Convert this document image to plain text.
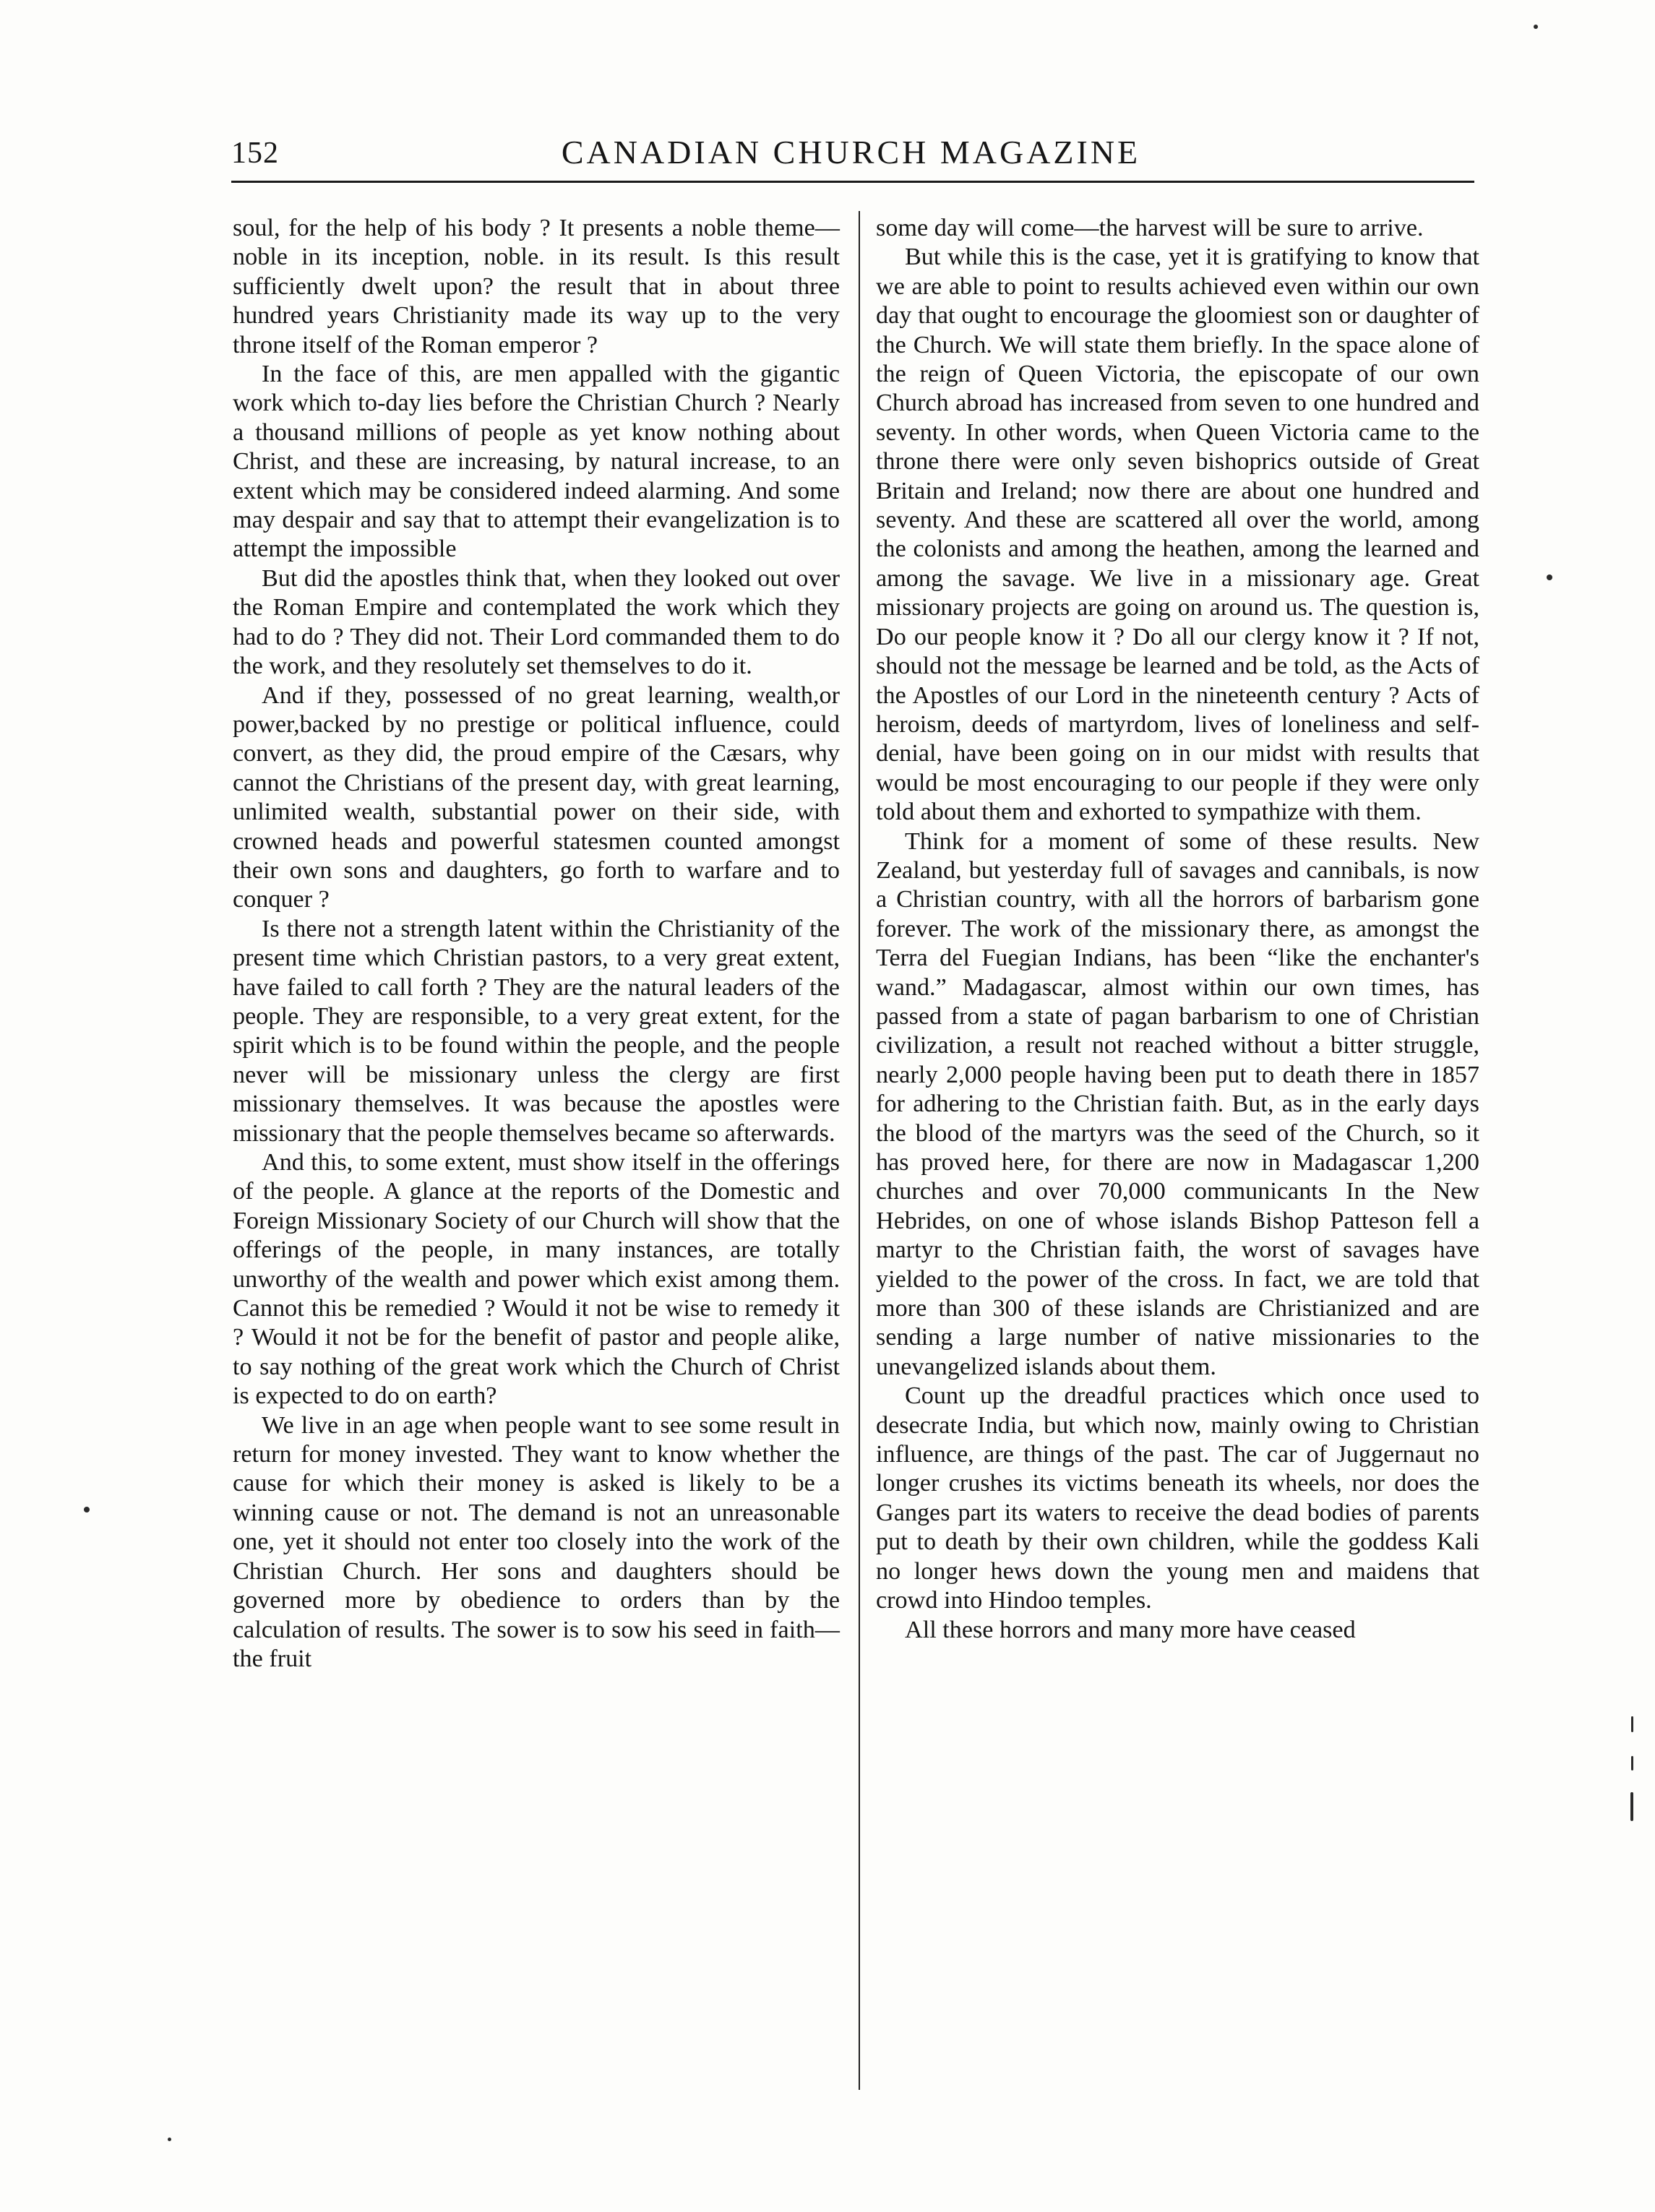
152	CANADIAN CHURCH MAGAZINE

soul, for the help of his body ? It presents a noble theme—noble in its inception, noble. in its result. Is this result sufficiently dwelt upon? the result that in about three hundred years Christianity made its way up to the very throne itself of the Roman emperor ?

In the face of this, are men appalled with the gigantic work which to-day lies before the Christian Church ? Nearly a thousand millions of people as yet know nothing about Christ, and these are increasing, by natural increase, to an extent which may be considered indeed alarming. And some may despair and say that to attempt their evangelization is to attempt the impossible

But did the apostles think that, when they looked out over the Roman Empire and contemplated the work which they had to do ? They did not. Their Lord commanded them to do the work, and they resolutely set themselves to do it.

And if they, possessed of no great learning, wealth,or power,backed by no prestige or political influence, could convert, as they did, the proud empire of the Cæsars, why cannot the Christians of the present day, with great learning, unlimited wealth, substantial power on their side, with crowned heads and powerful statesmen counted amongst their own sons and daughters, go forth to warfare and to conquer ?

Is there not a strength latent within the Christianity of the present time which Christian pastors, to a very great extent, have failed to call forth ? They are the natural leaders of the people. They are responsible, to a very great extent, for the spirit which is to be found within the people, and the people never will be missionary unless the clergy are first missionary themselves. It was because the apostles were missionary that the people themselves became so afterwards.

And this, to some extent, must show itself in the offerings of the people. A glance at the reports of the Domestic and Foreign Missionary Society of our Church will show that the offerings of the people, in many instances, are totally unworthy of the wealth and power which exist among them. Cannot this be remedied ? Would it not be wise to remedy it ? Would it not be for the benefit of pastor and people alike, to say nothing of the great work which the Church of Christ is expected to do on earth?

We live in an age when people want to see some result in return for money invested. They want to know whether the cause for which their money is asked is likely to be a winning cause or not. The demand is not an unreasonable one, yet it should not enter too closely into the work of the Christian Church. Her sons and daughters should be governed more by obedience to orders than by the calculation of results. The sower is to sow his seed in faith—the fruit

some day will come—the harvest will be sure to arrive.

But while this is the case, yet it is gratifying to know that we are able to point to results achieved even within our own day that ought to encourage the gloomiest son or daughter of the Church. We will state them briefly. In the space alone of the reign of Queen Victoria, the episcopate of our own Church abroad has increased from seven to one hundred and seventy. In other words, when Queen Victoria came to the throne there were only seven bishoprics outside of Great Britain and Ireland; now there are about one hundred and seventy. And these are scattered all over the world, among the colonists and among the heathen, among the learned and among the savage. We live in a missionary age. Great missionary projects are going on around us. The question is, Do our people know it ? Do all our clergy know it ? If not, should not the message be learned and be told, as the Acts of the Apostles of our Lord in the nineteenth century ? Acts of heroism, deeds of martyrdom, lives of loneliness and self-denial, have been going on in our midst with results that would be most encouraging to our people if they were only told about them and exhorted to sympathize with them.

Think for a moment of some of these results. New Zealand, but yesterday full of savages and cannibals, is now a Christian country, with all the horrors of barbarism gone forever. The work of the missionary there, as amongst the Terra del Fuegian Indians, has been “like the enchanter's wand.” Madagascar, almost within our own times, has passed from a state of pagan barbarism to one of Christian civilization, a result not reached without a bitter struggle, nearly 2,000 people having been put to death there in 1857 for adhering to the Christian faith. But, as in the early days the blood of the martyrs was the seed of the Church, so it has proved here, for there are now in Madagascar 1,200 churches and over 70,000 communicants In the New Hebrides, on one of whose islands Bishop Patteson fell a martyr to the Christian faith, the worst of savages have yielded to the power of the cross. In fact, we are told that more than 300 of these islands are Christianized and are sending a large number of native missionaries to the unevangelized islands about them.

Count up the dreadful practices which once used to desecrate India, but which now, mainly owing to Christian influence, are things of the past. The car of Juggernaut no longer crushes its victims beneath its wheels, nor does the Ganges part its waters to receive the dead bodies of parents put to death by their own children, while the goddess Kali no longer hews down the young men and maidens that crowd into Hindoo temples.

All these horrors and many more have ceased
